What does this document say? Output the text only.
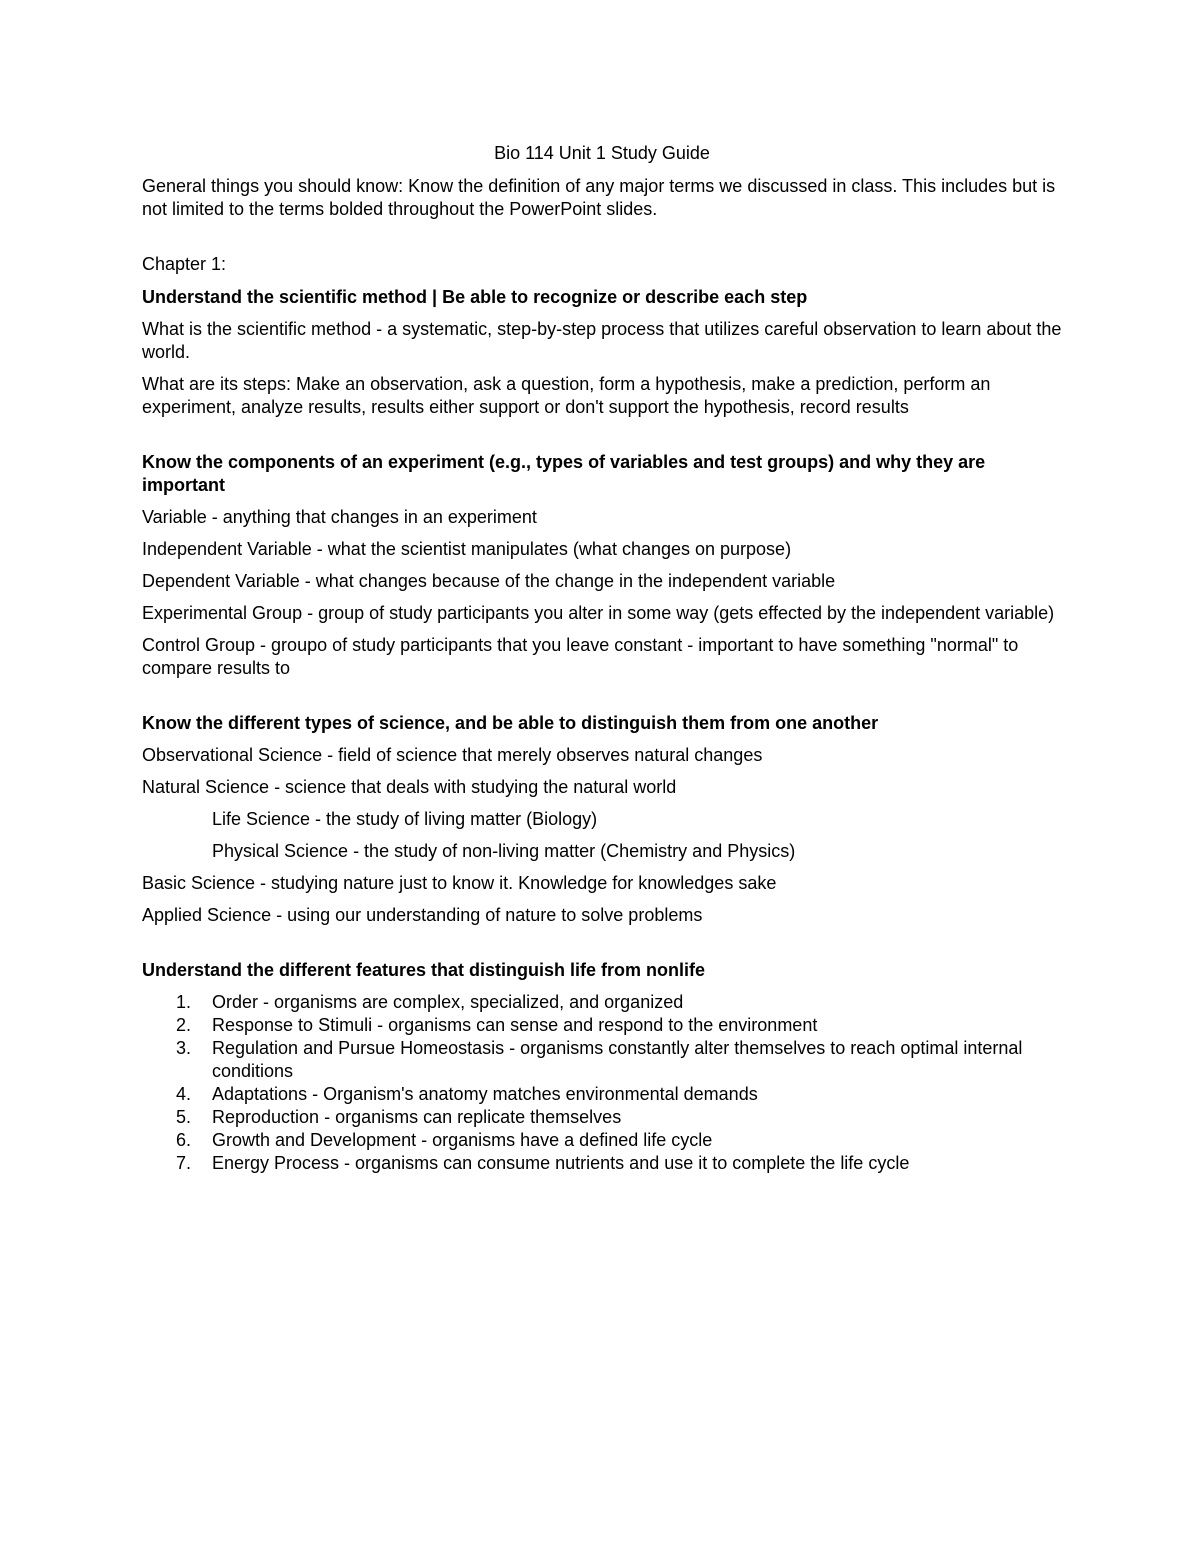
Bio 114 Unit 1 Study Guide

General things you should know: Know the definition of any major terms we discussed in class. This includes but is not limited to the terms bolded throughout the PowerPoint slides.

Chapter 1:

Understand the scientific method | Be able to recognize or describe each step

What is the scientific method - a systematic, step-by-step process that utilizes careful observation to learn about the world.

What are its steps: Make an observation, ask a question, form a hypothesis, make a prediction, perform an experiment, analyze results, results either support or don't support the hypothesis, record results

Know the components of an experiment (e.g., types of variables and test groups) and why they are important

Variable - anything that changes in an experiment

Independent Variable - what the scientist manipulates (what changes on purpose)

Dependent Variable - what changes because of the change in the independent variable

Experimental Group - group of study participants you alter in some way (gets effected by the independent variable)

Control Group - groupo of study participants that you leave constant - important to have something "normal" to compare results to

Know the different types of science, and be able to distinguish them from one another

Observational Science - field of science that merely observes natural changes

Natural Science - science that deals with studying the natural world

Life Science - the study of living matter (Biology)

Physical Science - the study of non-living matter (Chemistry and Physics)

Basic Science - studying nature just to know it. Knowledge for knowledges sake

Applied Science - using our understanding of nature to solve problems

Understand the different features that distinguish life from nonlife
1.	Order - organisms are complex, specialized, and organized
2.	Response to Stimuli - organisms can sense and respond to the environment
3.	Regulation and Pursue Homeostasis - organisms constantly alter themselves to reach optimal internal conditions
4.	Adaptations - Organism's anatomy matches environmental demands
5.	Reproduction - organisms can replicate themselves
6.	Growth and Development - organisms have a defined life cycle
7.	Energy Process - organisms can consume nutrients and use it to complete the life cycle
